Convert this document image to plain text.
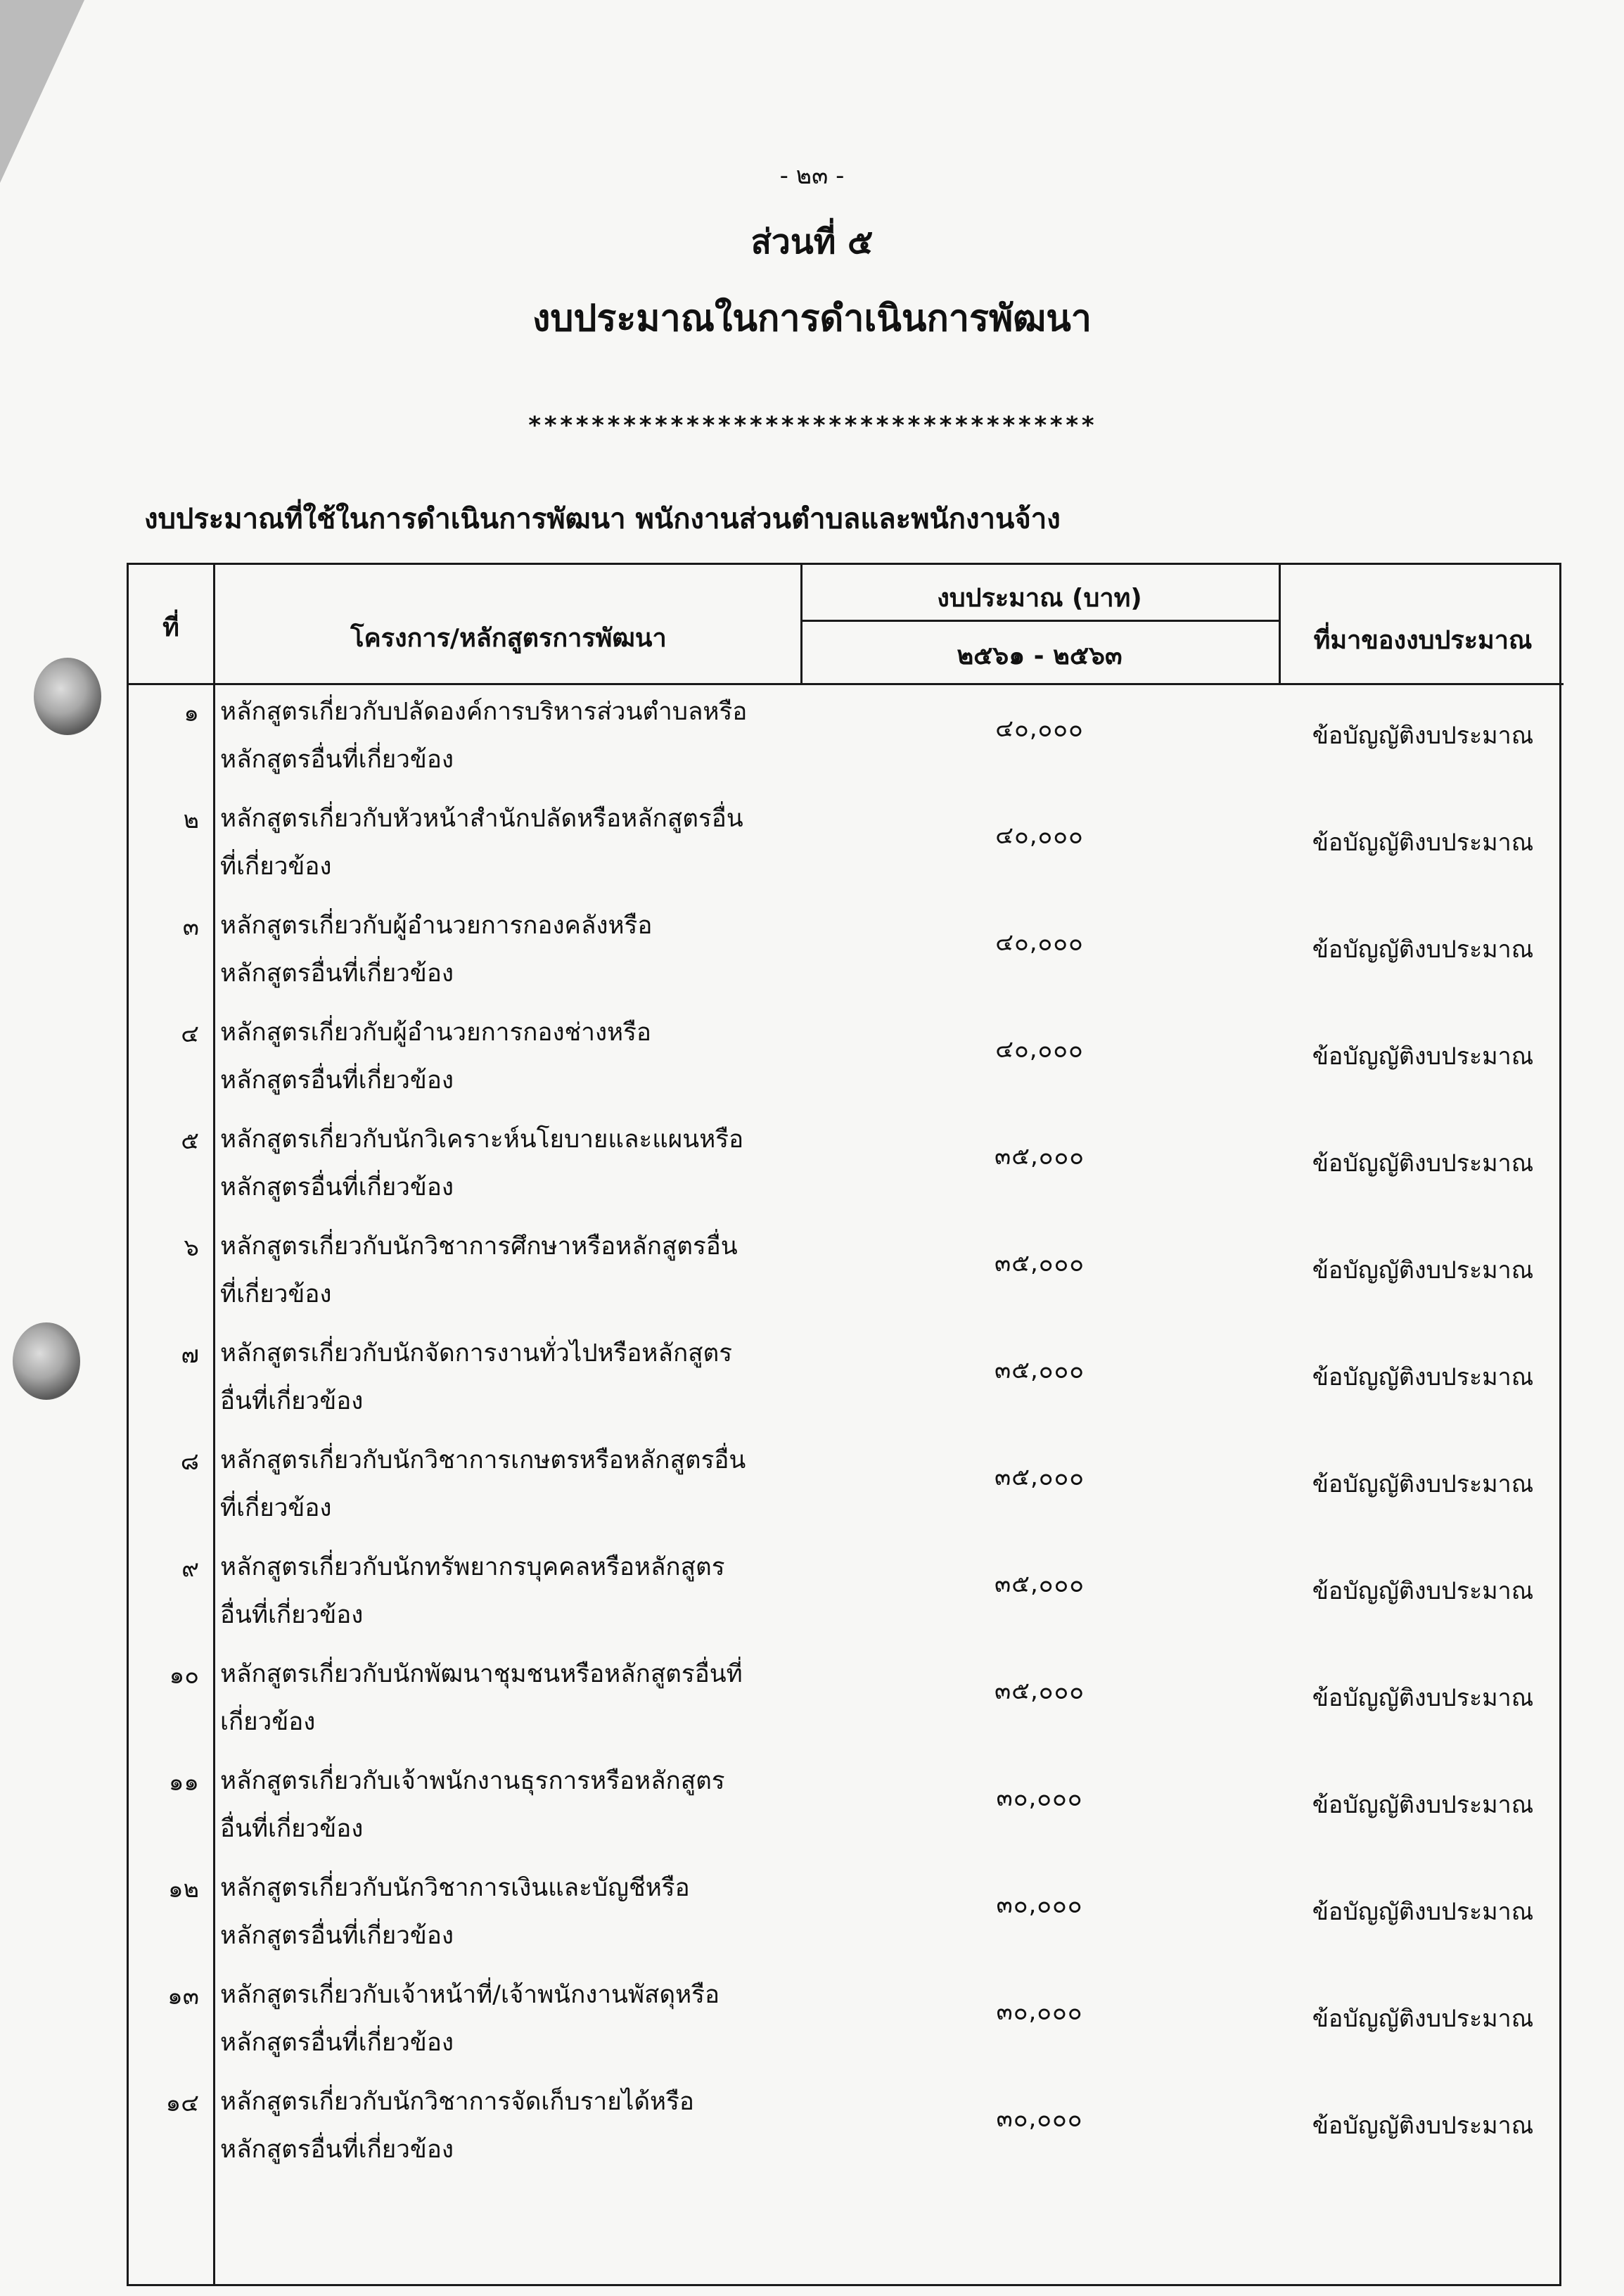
- ๒๓ -
ส่วนที่ ๕
งบประมาณในการดำเนินการพัฒนา
************************************
งบประมาณที่ใช้ในการดำเนินการพัฒนา พนักงานส่วนตำบลและพนักงานจ้าง
ที่	โครงการ/หลักสูตรการพัฒนา
งบประมาณ (บาท)
๒๕๖๑ - ๒๕๖๓
ที่มาของงบประมาณ
๑ หลักสูตรเกี่ยวกับปลัดองค์การบริหารส่วนตำบลหรือ
หลักสูตรอื่นที่เกี่ยวข้อง
๔๐,๐๐๐	ข้อบัญญัติงบประมาณ
๒ หลักสูตรเกี่ยวกับหัวหน้าสำนักปลัดหรือหลักสูตรอื่น
ที่เกี่ยวข้อง
๔๐,๐๐๐	ข้อบัญญัติงบประมาณ
๓ หลักสูตรเกี่ยวกับผู้อำนวยการกองคลังหรือ
หลักสูตรอื่นที่เกี่ยวข้อง
๔๐,๐๐๐	ข้อบัญญัติงบประมาณ
๔ หลักสูตรเกี่ยวกับผู้อำนวยการกองช่างหรือ
หลักสูตรอื่นที่เกี่ยวข้อง
๔๐,๐๐๐	ข้อบัญญัติงบประมาณ
๕ หลักสูตรเกี่ยวกับนักวิเคราะห์นโยบายและแผนหรือ
หลักสูตรอื่นที่เกี่ยวข้อง
๓๕,๐๐๐	ข้อบัญญัติงบประมาณ
๖ หลักสูตรเกี่ยวกับนักวิชาการศึกษาหรือหลักสูตรอื่น
ที่เกี่ยวข้อง
๓๕,๐๐๐	ข้อบัญญัติงบประมาณ
๗ หลักสูตรเกี่ยวกับนักจัดการงานทั่วไปหรือหลักสูตร
อื่นที่เกี่ยวข้อง
๓๕,๐๐๐	ข้อบัญญัติงบประมาณ
๘ หลักสูตรเกี่ยวกับนักวิชาการเกษตรหรือหลักสูตรอื่น
ที่เกี่ยวข้อง
๓๕,๐๐๐	ข้อบัญญัติงบประมาณ
๙ หลักสูตรเกี่ยวกับนักทรัพยากรบุคคลหรือหลักสูตร
อื่นที่เกี่ยวข้อง
๓๕,๐๐๐	ข้อบัญญัติงบประมาณ
๑๐ หลักสูตรเกี่ยวกับนักพัฒนาชุมชนหรือหลักสูตรอื่นที่
เกี่ยวข้อง
๓๕,๐๐๐	ข้อบัญญัติงบประมาณ
๑๑ หลักสูตรเกี่ยวกับเจ้าพนักงานธุรการหรือหลักสูตร
อื่นที่เกี่ยวข้อง
๓๐,๐๐๐	ข้อบัญญัติงบประมาณ
๑๒ หลักสูตรเกี่ยวกับนักวิชาการเงินและบัญชีหรือ
หลักสูตรอื่นที่เกี่ยวข้อง
๓๐,๐๐๐	ข้อบัญญัติงบประมาณ
๑๓ หลักสูตรเกี่ยวกับเจ้าหน้าที่/เจ้าพนักงานพัสดุหรือ
หลักสูตรอื่นที่เกี่ยวข้อง
๓๐,๐๐๐	ข้อบัญญัติงบประมาณ
๑๔ หลักสูตรเกี่ยวกับนักวิชาการจัดเก็บรายได้หรือ
หลักสูตรอื่นที่เกี่ยวข้อง
๓๐,๐๐๐	ข้อบัญญัติงบประมาณ
